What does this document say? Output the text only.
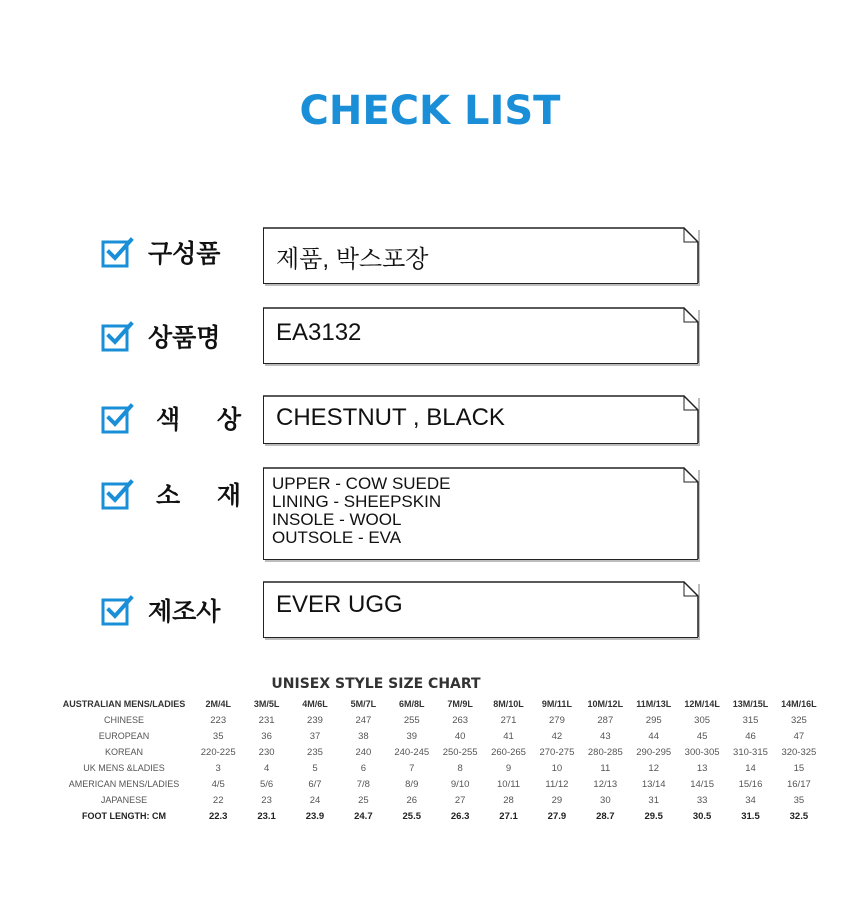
CHECK LIST
구성품	제품, 박스포장
상품명	EA3132
색 상 CHESTNUT , BLACK
소 재 UPPER - COW SUEDE
LINING - SHEEPSKIN
INSOLE - WOOL
OUTSOLE - EVA
제조사	EVER UGG
UNISEX STYLE SIZE CHART
AUSTRALIAN MENS/LADIES	2M/4L	3M/5L	4M/6L	5M/7L	6M/8L	7M/9L	8M/10L	9M/11L	10M/12L	11M/13L	12M/14L	13M/15L	14M/16L
CHINESE	223	231	239	247	255	263	271	279	287	295	305	315	325
EUROPEAN	35	36	37	38	39	40	41	42	43	44	45	46	47
KOREAN	220-225	230	235	240	240-245	250-255	260-265	270-275	280-285	290-295	300-305	310-315	320-325
UK MENS &LADIES	3	4	5	6	7	8	9	10	11	12	13	14	15
AMERICAN MENS/LADIES	4/5	5/6	6/7	7/8	8/9	9/10	10/11	11/12	12/13	13/14	14/15	15/16	16/17
JAPANESE	22	23	24	25	26	27	28	29	30	31	33	34	35
FOOT LENGTH: CM	22.3	23.1	23.9	24.7	25.5	26.3	27.1	27.9	28.7	29.5	30.5	31.5	32.5
